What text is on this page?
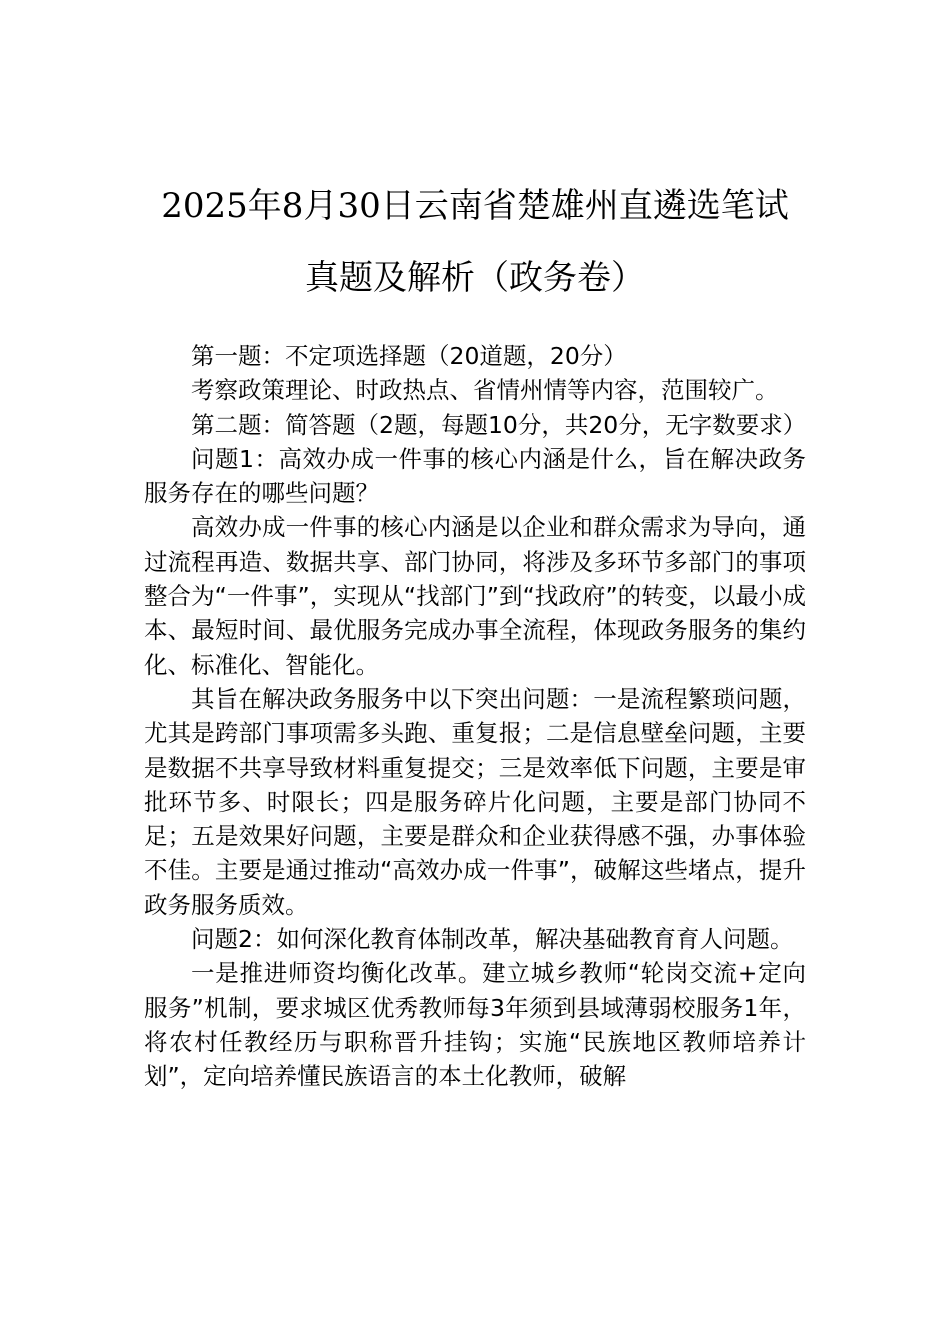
2025年8月30日云南省楚雄州直遴选笔试
真题及解析（政务卷）

第一题：不定项选择题（20道题，20分）

考察政策理论、时政热点、省情州情等内容，范围较广。

第二题：简答题（2题，每题10分，共20分，无字数要求）

问题1：高效办成一件事的核心内涵是什么，旨在解决政务服务存在的哪些问题？

高效办成一件事的核心内涵是以企业和群众需求为导向，通过流程再造、数据共享、部门协同，将涉及多环节多部门的事项整合为“一件事”，实现从“找部门”到“找政府”的转变，以最小成本、最短时间、最优服务完成办事全流程，体现政务服务的集约化、标准化、智能化。

其旨在解决政务服务中以下突出问题：一是流程繁琐问题，尤其是跨部门事项需多头跑、重复报；二是信息壁垒问题，主要是数据不共享导致材料重复提交；三是效率低下问题，主要是审批环节多、时限长；四是服务碎片化问题，主要是部门协同不足；五是效果好问题，主要是群众和企业获得感不强，办事体验不佳。主要是通过推动“高效办成一件事”，破解这些堵点，提升政务服务质效。

问题2：如何深化教育体制改革，解决基础教育育人问题。

一是推进师资均衡化改革。建立城乡教师“轮岗交流+定向服务”机制，要求城区优秀教师每3年须到县域薄弱校服务1年，将农村任教经历与职称晋升挂钩；实施“民族地区教师培养计划”，定向培养懂民族语言的本土化教师，破解
